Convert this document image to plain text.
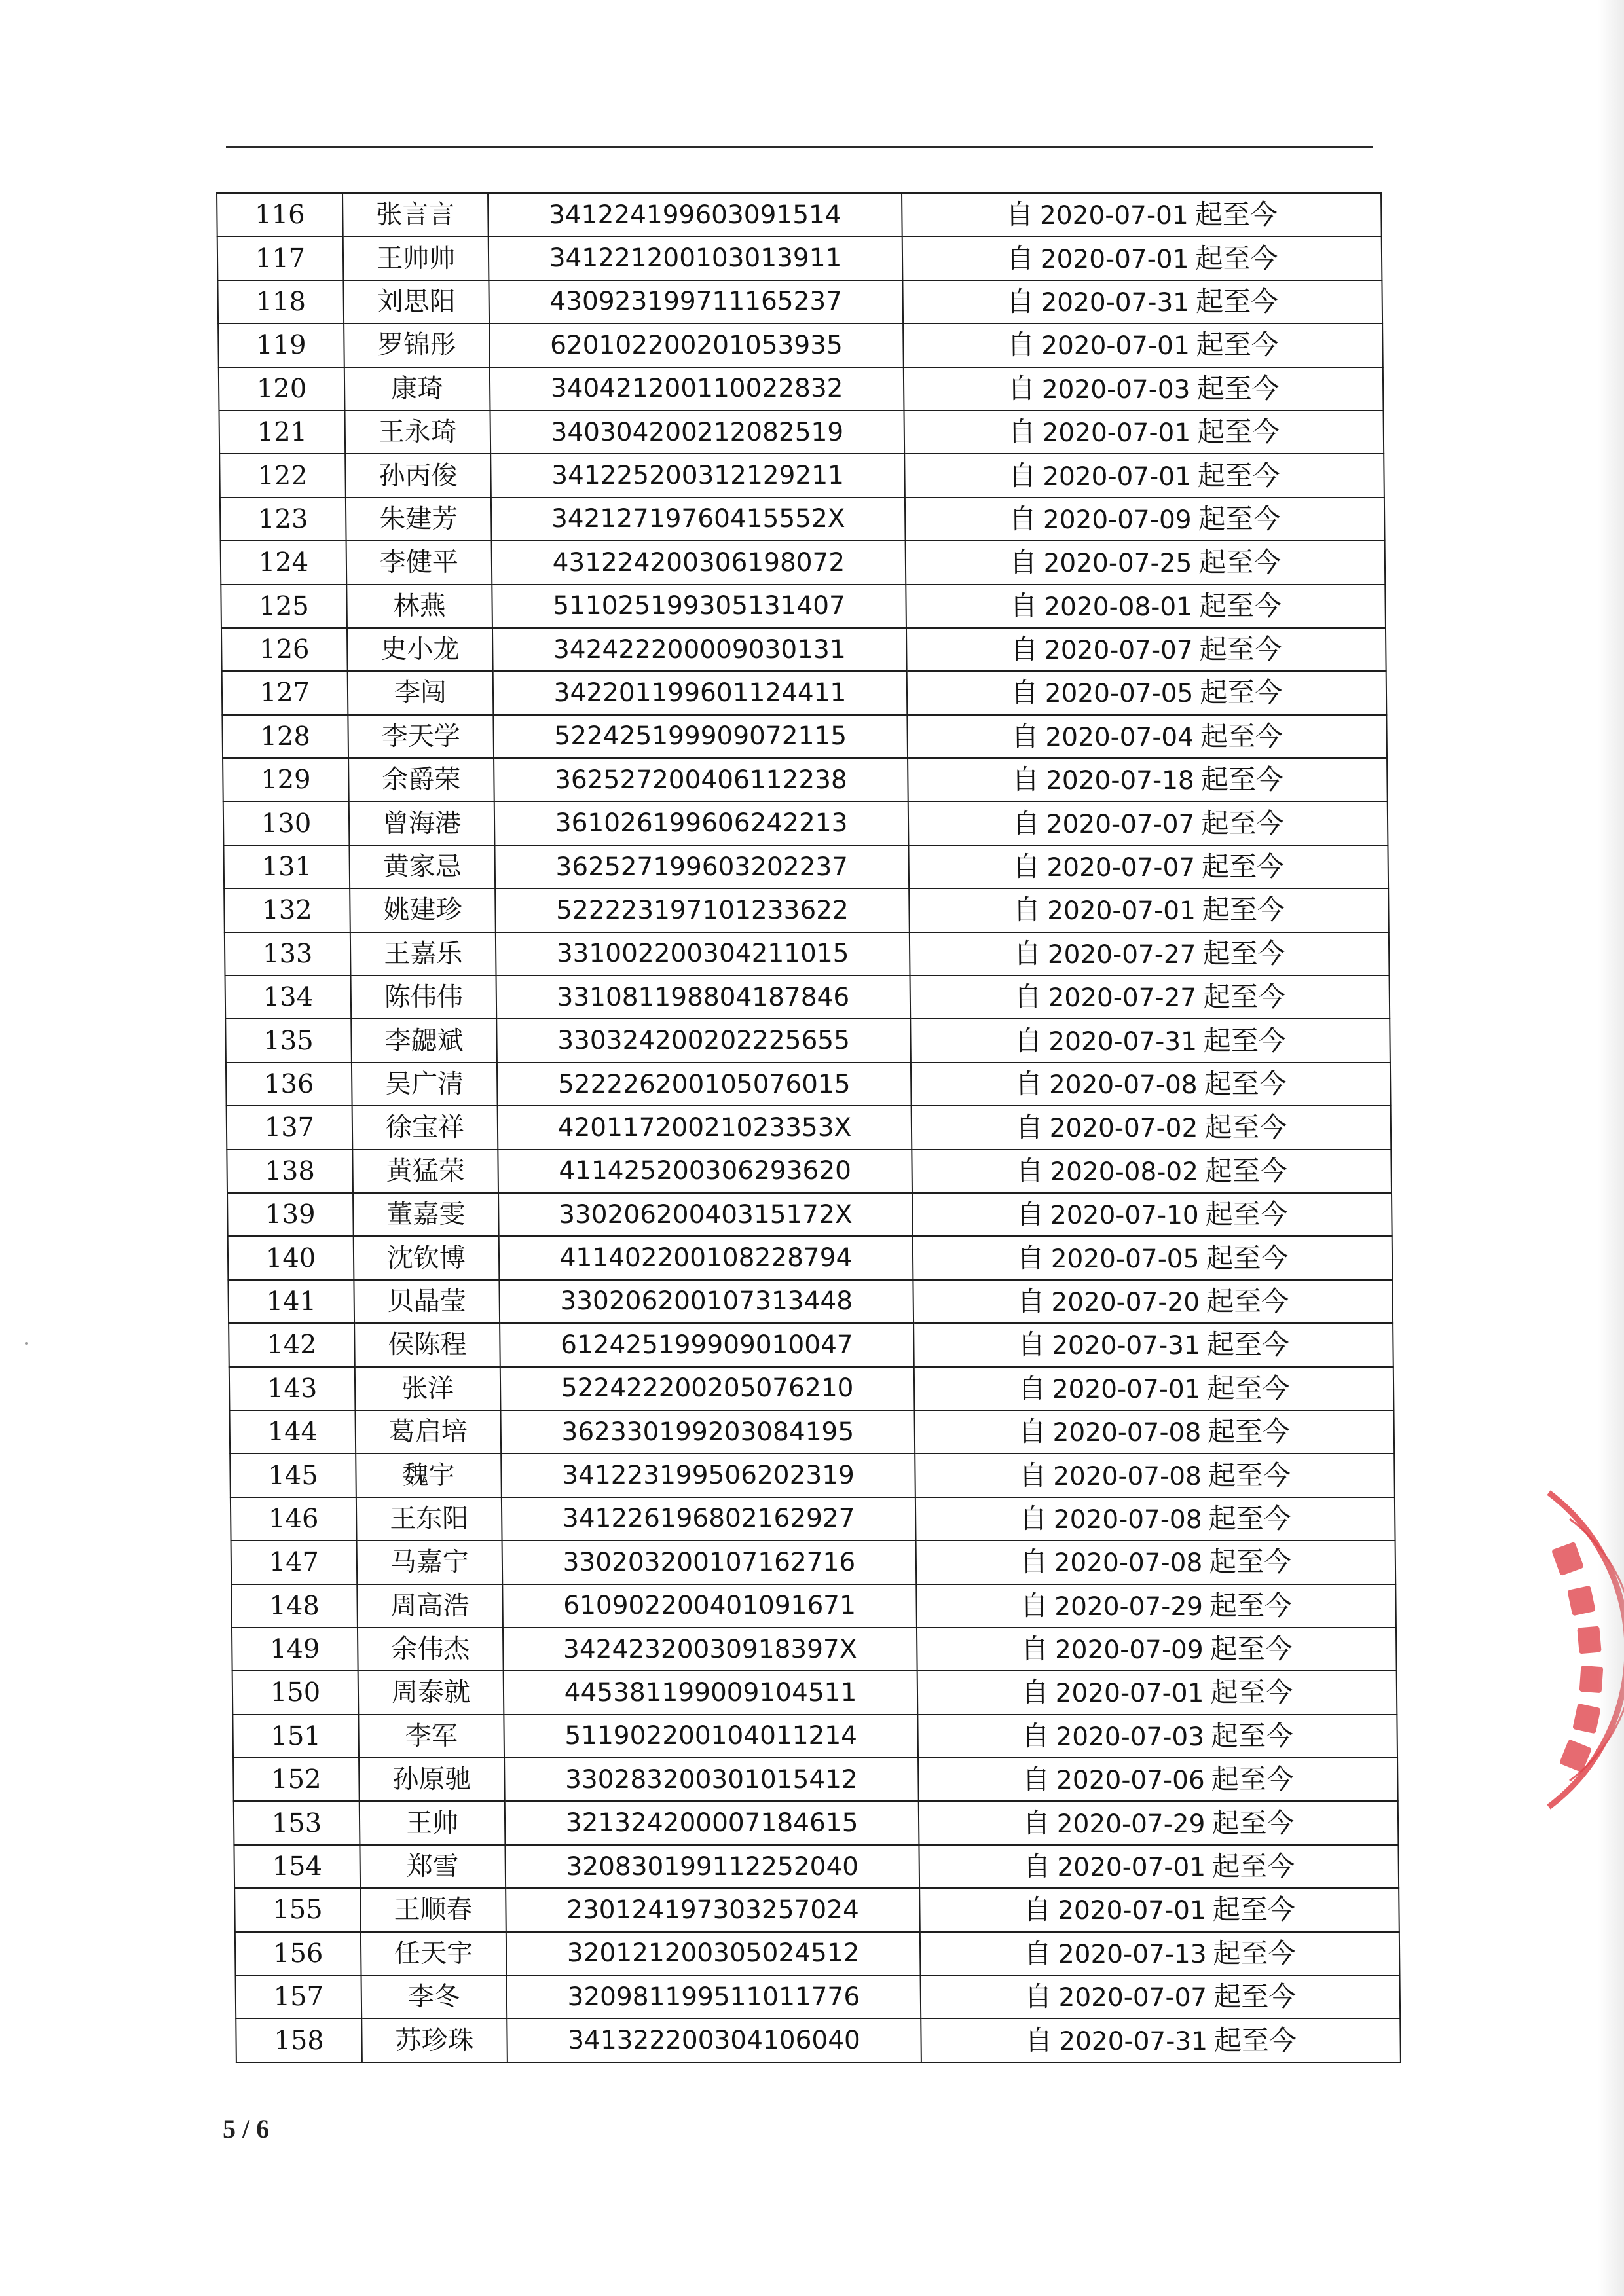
116	张言言	341224199603091514	自 2020-07-01 起至今
117	王帅帅	341221200103013911	自 2020-07-01 起至今
118	刘思阳	430923199711165237	自 2020-07-31 起至今
119	罗锦彤	620102200201053935	自 2020-07-01 起至今
120	康琦	340421200110022832	自 2020-07-03 起至今
121	王永琦	340304200212082519	自 2020-07-01 起至今
122	孙丙俊	341225200312129211	自 2020-07-01 起至今
123	朱建芳	34212719760415552X	自 2020-07-09 起至今
124	李健平	431224200306198072	自 2020-07-25 起至今
125	林燕	511025199305131407	自 2020-08-01 起至今
126	史小龙	342422200009030131	自 2020-07-07 起至今
127	李闯	342201199601124411	自 2020-07-05 起至今
128	李天学	522425199909072115	自 2020-07-04 起至今
129	余爵荣	362527200406112238	自 2020-07-18 起至今
130	曾海港	361026199606242213	自 2020-07-07 起至今
131	黄家忌	362527199603202237	自 2020-07-07 起至今
132	姚建珍	522223197101233622	自 2020-07-01 起至今
133	王嘉乐	331002200304211015	自 2020-07-27 起至今
134	陈伟伟	331081198804187846	自 2020-07-27 起至今
135	李勰斌	330324200202225655	自 2020-07-31 起至今
136	吴广清	522226200105076015	自 2020-07-08 起至今
137	徐宝祥	42011720021023353X	自 2020-07-02 起至今
138	黄猛荣	411425200306293620	自 2020-08-02 起至今
139	董嘉雯	33020620040315172X	自 2020-07-10 起至今
140	沈钦博	411402200108228794	自 2020-07-05 起至今
141	贝晶莹	330206200107313448	自 2020-07-20 起至今
142	侯陈程	612425199909010047	自 2020-07-31 起至今
143	张洋	522422200205076210	自 2020-07-01 起至今
144	葛启培	362330199203084195	自 2020-07-08 起至今
145	魏宇	341223199506202319	自 2020-07-08 起至今
146	王东阳	341226196802162927	自 2020-07-08 起至今
147	马嘉宁	330203200107162716	自 2020-07-08 起至今
148	周高浩	610902200401091671	自 2020-07-29 起至今
149	余伟杰	34242320030918397X	自 2020-07-09 起至今
150	周泰就	445381199009104511	自 2020-07-01 起至今
151	李军	511902200104011214	自 2020-07-03 起至今
152	孙原驰	330283200301015412	自 2020-07-06 起至今
153	王帅	321324200007184615	自 2020-07-29 起至今
154	郑雪	320830199112252040	自 2020-07-01 起至今
155	王顺春	230124197303257024	自 2020-07-01 起至今
156	任天宇	320121200305024512	自 2020-07-13 起至今
157	李冬	320981199511011776	自 2020-07-07 起至今
158	苏珍珠	341322200304106040	自 2020-07-31 起至今
5 / 6
